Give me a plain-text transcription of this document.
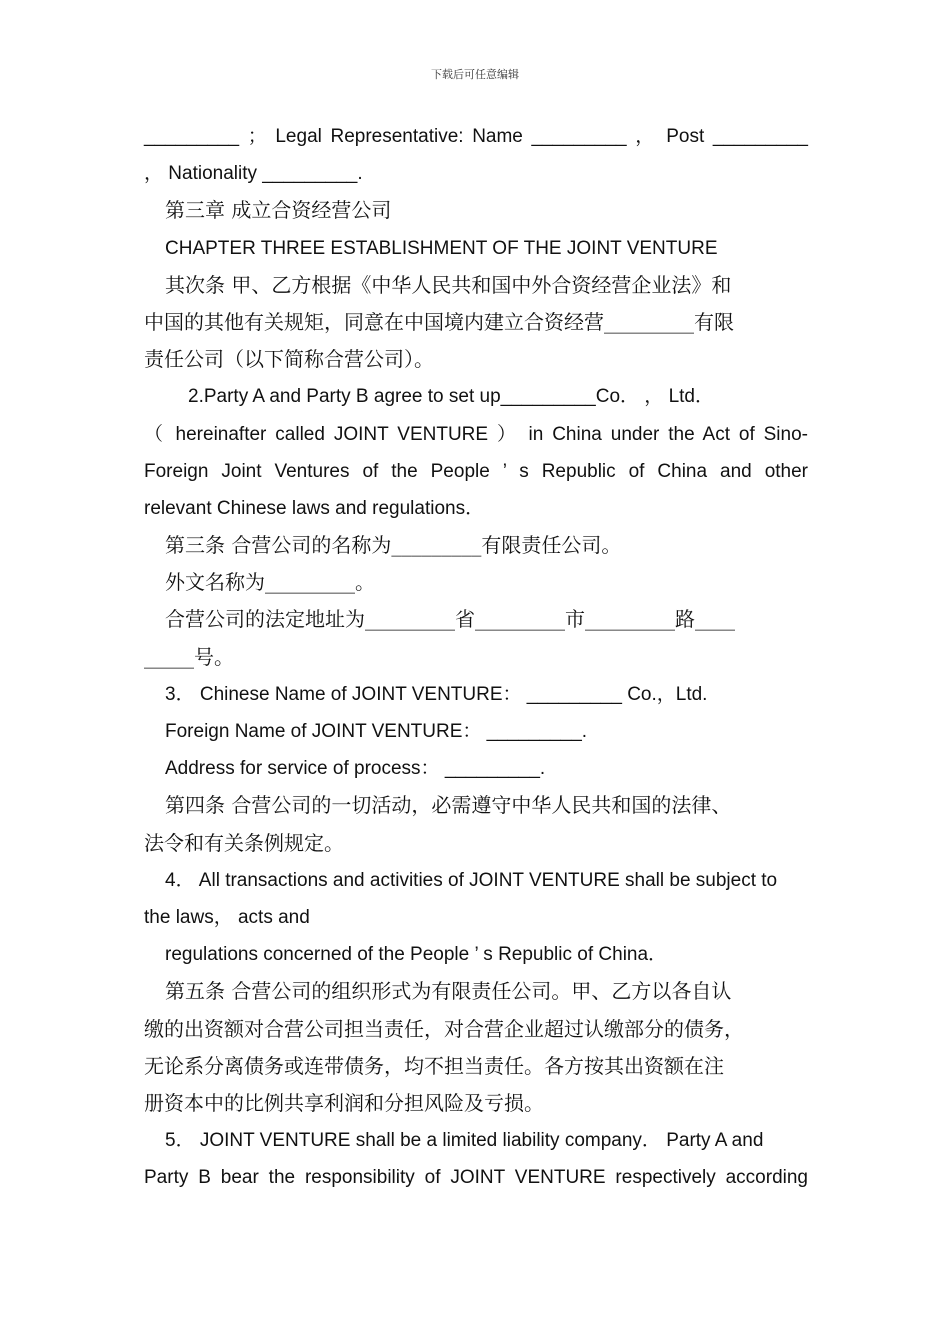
下载后可任意编辑
_________ ； Legal Representative: Name _________ ， Post _________
， Nationality _________.
第三章 成立合资经营公司
CHAPTER THREE ESTABLISHMENT OF THE JOINT VENTURE
其次条 甲、乙方根据《中华人民共和国中外合资经营企业法》和
中国的其他有关规矩，同意在中国境内建立合资经营_________有限
责任公司（以下简称合营公司）。
2.Party A and Party B agree to set up_________Co． ， Ltd．
（ hereinafter called JOINT VENTURE ） in China under the Act of Sino-
Foreign Joint Ventures of the People ’ s Republic of China and other
relevant Chinese laws and regulations．
第三条 合营公司的名称为_________有限责任公司。
外文名称为_________。
合营公司的法定地址为_________省_________市_________路____
_____号。
3． Chinese Name of JOINT VENTURE： _________ Co.，Ltd.
Foreign Name of JOINT VENTURE： _________.
Address for service of process： _________.
第四条 合营公司的一切活动，必需遵守中华人民共和国的法律、
法令和有关条例规定。
4． All transactions and activities of JOINT VENTURE shall be subject to
the laws， acts and
regulations concerned of the People ’ s Republic of China．
第五条 合营公司的组织形式为有限责任公司。甲、乙方以各自认
缴的出资额对合营公司担当责任，对合营企业超过认缴部分的债务，
无论系分离债务或连带债务，均不担当责任。各方按其出资额在注
册资本中的比例共享利润和分担风险及亏损。
5． JOINT VENTURE shall be a limited liability company． Party A and
Party B bear the responsibility of JOINT VENTURE respectively according
